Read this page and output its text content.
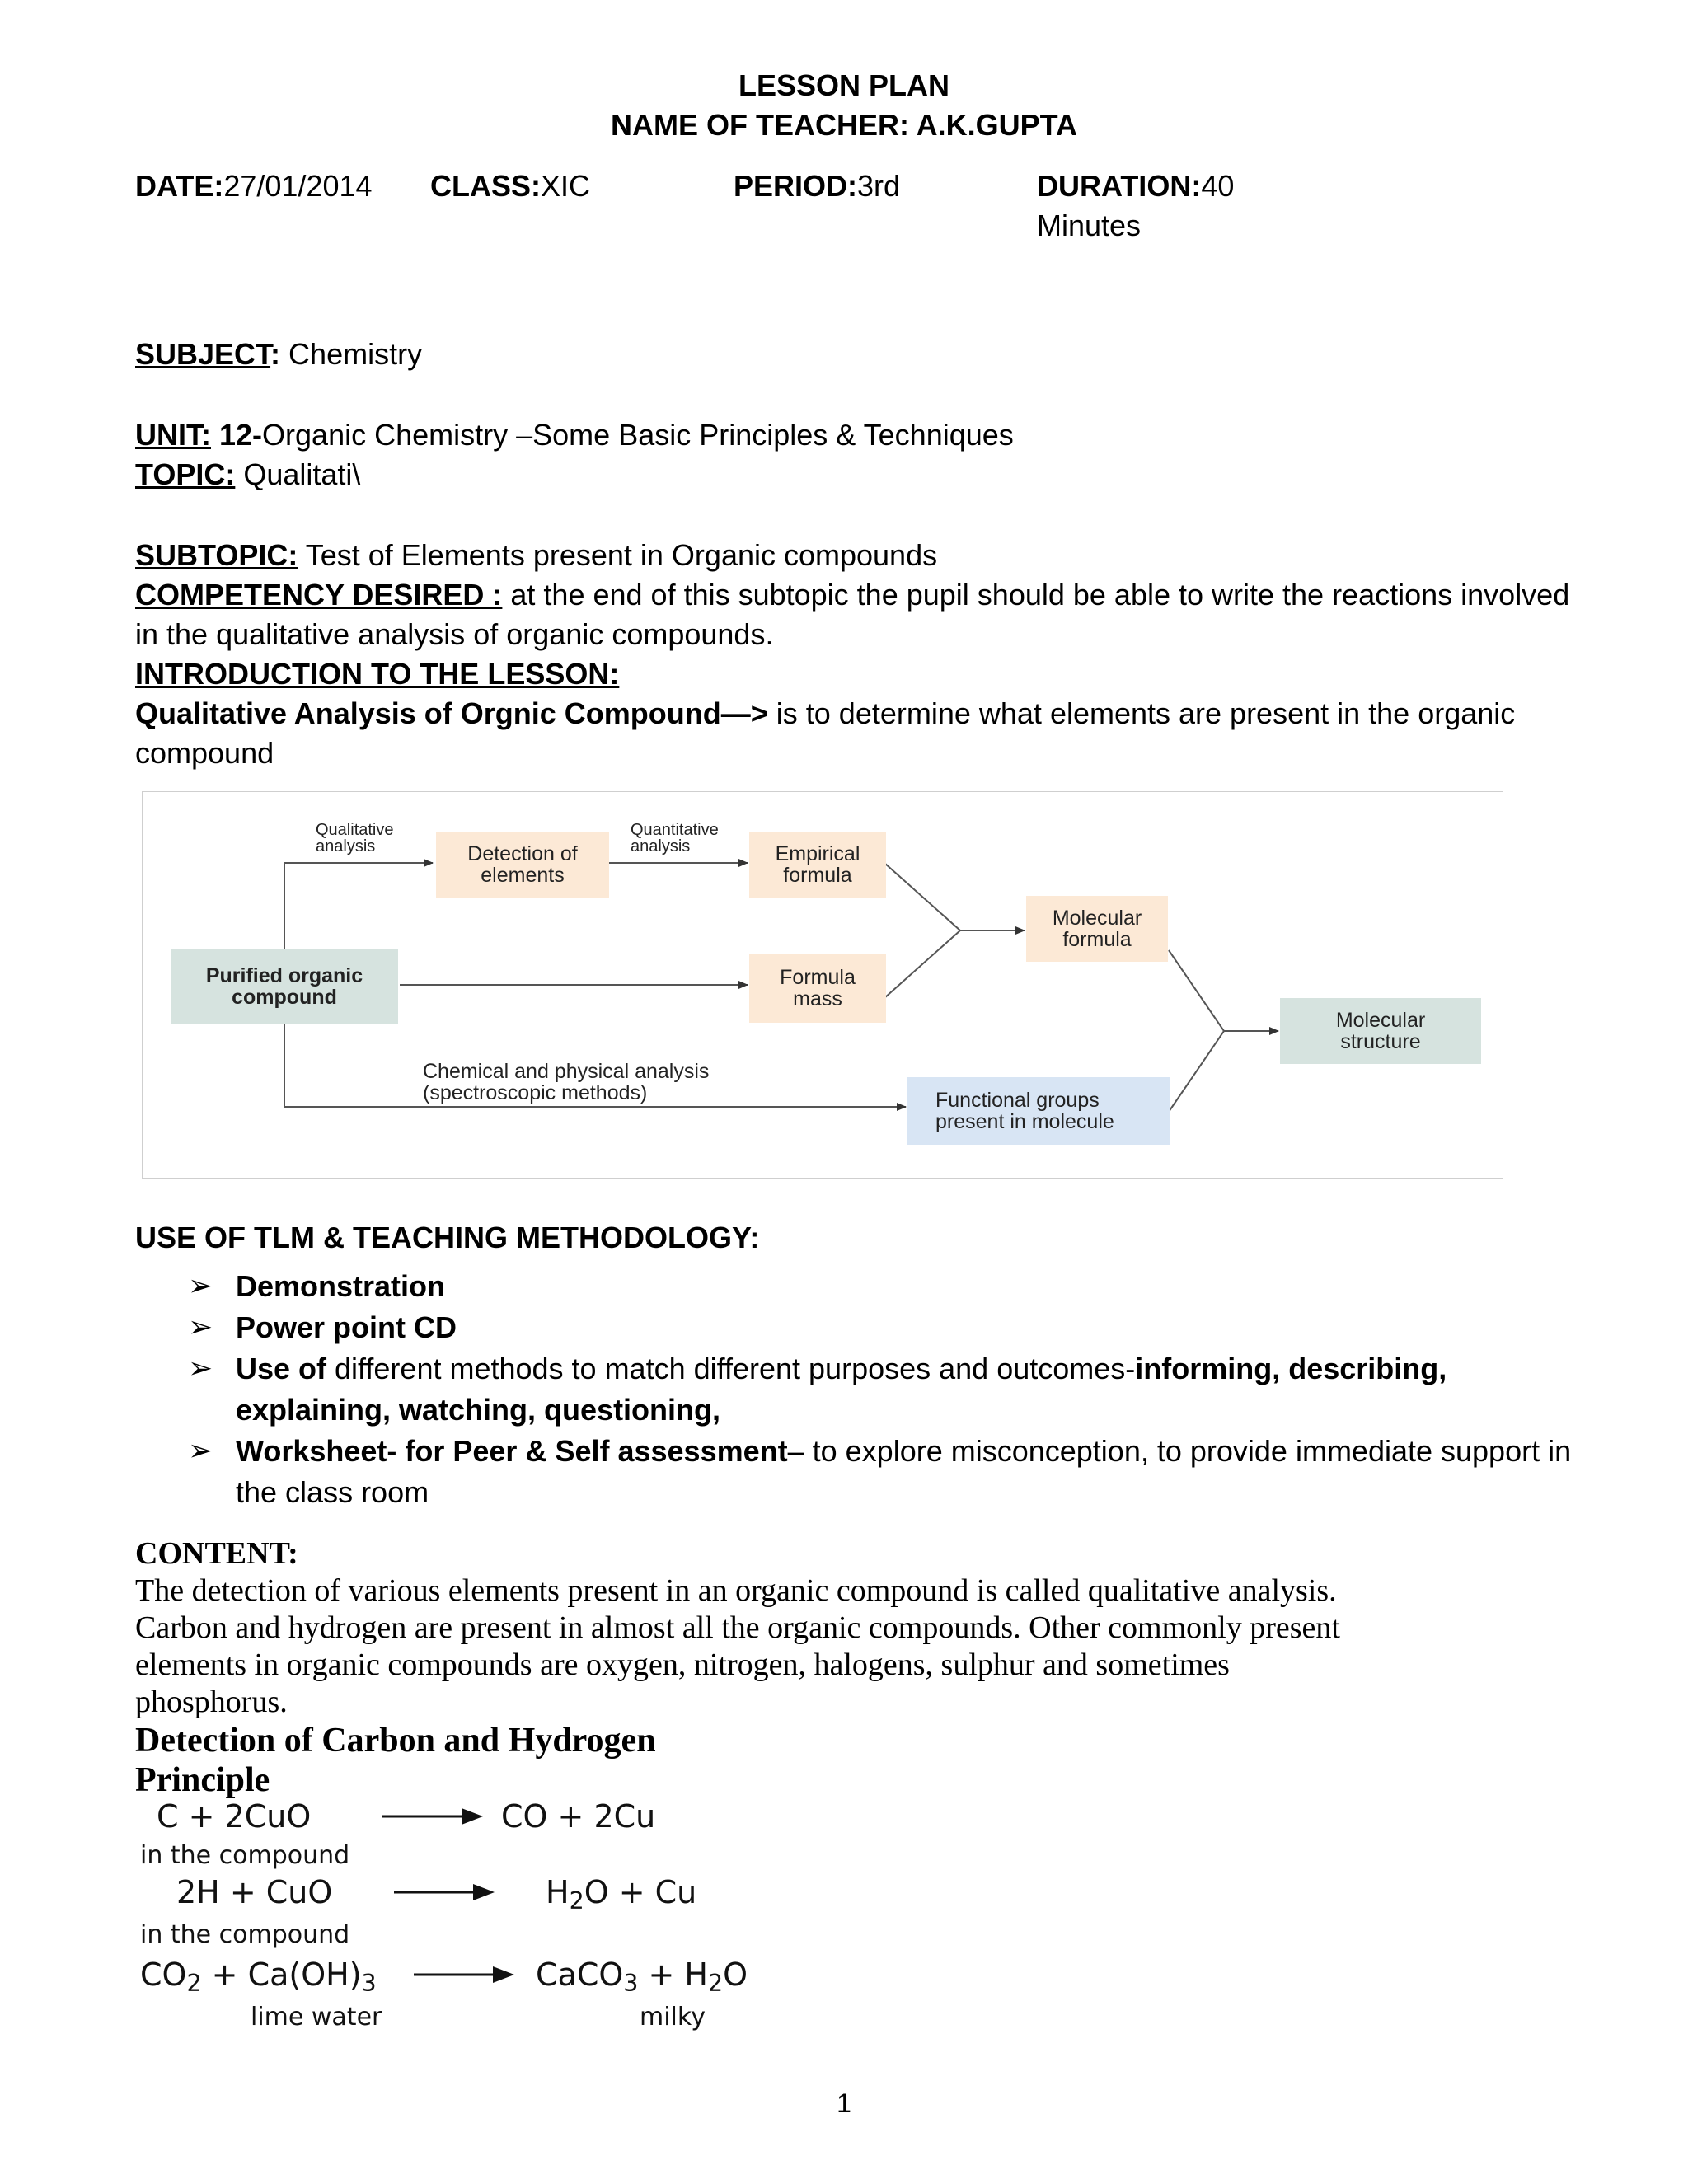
LESSON PLAN
NAME OF TEACHER: A.K.GUPTA
DATE:27/01/2014 CLASS:XIC	PERIOD:3rd	DURATION:40
Minutes
SUBJECT: Chemistry
UNIT: 12-Organic Chemistry –Some Basic Principles & Techniques
TOPIC: Qualitati\
SUBTOPIC: Test of Elements present in Organic compounds
COMPETENCY DESIRED : at the end of this subtopic the pupil should be able to write the reactions involved
in the qualitative analysis of organic compounds.
INTRODUCTION TO THE LESSON:
Qualitative Analysis of Orgnic Compound—> is to determine what elements are present in the organic
compound
Qualitative
analysis
Quantitative
analysis
Detection of
elements
Empirical
formula
Molecular
formula
Purified organic
compound
Formula
mass
Molecular
structure
Chemical and physical analysis
(spectroscopic methods)	Functional groups
present in molecule
USE OF TLM & TEACHING METHODOLOGY:
➢ Demonstration
➢ Power point CD
➢ Use of different methods to match different purposes and outcomes-informing, describing,
explaining, watching, questioning,
➢ Worksheet- for Peer & Self assessment– to explore misconception, to provide immediate support in
the class room
CONTENT:
The detection of various elements present in an organic compound is called qualitative analysis.
Carbon and hydrogen are present in almost all the organic compounds. Other commonly present
elements in organic compounds are oxygen, nitrogen, halogens, sulphur and sometimes
phosphorus.
Detection of Carbon and Hydrogen
Principle
C + 2CuO	CO + 2Cu
in the compound
2H + CuO	$H_2O + Cu$
in the compound
$CO_2 + Ca(OH)_3$	CaCO$_3$ + $H_2O$
lime water	milky
1
